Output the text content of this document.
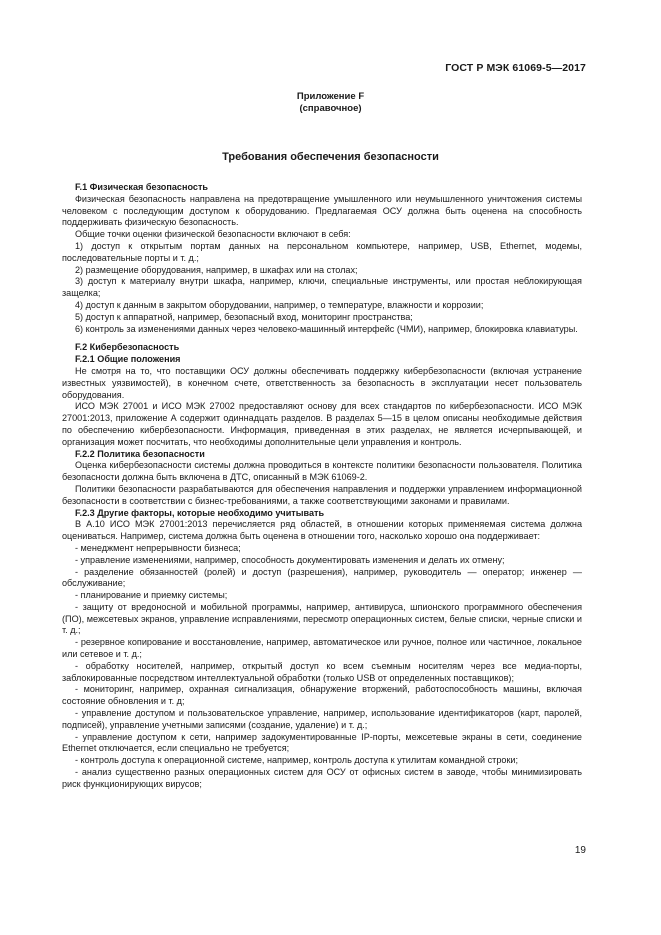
ГОСТ Р МЭК 61069-5—2017
Приложение F
(справочное)
Требования обеспечения безопасности

F.1 Физическая безопасность

Физическая безопасность направлена на предотвращение умышленного или неумышленного уничтожения системы человеком с последующим доступом к оборудованию. Предлагаемая ОСУ должна быть оценена на способность поддерживать физическую безопасность.

Общие точки оценки физической безопасности включают в себя:

1) доступ к открытым портам данных на персональном компьютере, например, USB, Ethernet, модемы, последовательные порты и т. д.;

2) размещение оборудования, например, в шкафах или на столах;

3) доступ к материалу внутри шкафа, например, ключи, специальные инструменты, или простая неблокирующая защелка;

4) доступ к данным в закрытом оборудовании, например, о температуре, влажности и коррозии;

5) доступ к аппаратной, например, безопасный вход, мониторинг пространства;

6) контроль за изменениями данных через человеко-машинный интерфейс (ЧМИ), например, блокировка клавиатуры.

F.2 Кибербезопасность

F.2.1 Общие положения

Не смотря на то, что поставщики ОСУ должны обеспечивать поддержку кибербезопасности (включая устранение известных уязвимостей), в конечном счете, ответственность за безопасность в эксплуатации несет пользователь оборудования.

ИСО МЭК 27001 и ИСО МЭК 27002 предоставляют основу для всех стандартов по кибербезопасности. ИСО МЭК 27001:2013, приложение А содержит одиннадцать разделов. В разделах 5—15 в целом описаны необходимые действия по обеспечению кибербезопасности. Информация, приведенная в этих разделах, не является исчерпывающей, и организация может посчитать, что необходимы дополнительные цели управления и контроль.

F.2.2 Политика безопасности

Оценка кибербезопасности системы должна проводиться в контексте политики безопасности пользователя. Политика безопасности должна быть включена в ДТС, описанный в МЭК 61069-2.

Политики безопасности разрабатываются для обеспечения направления и поддержки управлением информационной безопасности в соответствии с бизнес-требованиями, а также соответствующими законами и правилами.

F.2.3 Другие факторы, которые необходимо учитывать

В А.10 ИСО МЭК 27001:2013 перечисляется ряд областей, в отношении которых применяемая система должна оцениваться. Например, система должна быть оценена в отношении того, насколько хорошо она поддерживает:

- менеджмент непрерывности бизнеса;

- управление изменениями, например, способность документировать изменения и делать их отмену;

- разделение обязанностей (ролей) и доступ (разрешения), например, руководитель — оператор; инженер — обслуживание;

- планирование и приемку системы;

- защиту от вредоносной и мобильной программы, например, антивируса, шпионского программного обеспечения (ПО), межсетевых экранов, управление исправлениями, пересмотр операционных систем, белые списки, черные списки и т. д.;

- резервное копирование и восстановление, например, автоматическое или ручное, полное или частичное, локальное или сетевое и т. д.;

- обработку носителей, например, открытый доступ ко всем съемным носителям через все медиа-порты, заблокированные посредством интеллектуальной обработки (только USB от определенных поставщиков);

- мониторинг, например, охранная сигнализация, обнаружение вторжений, работоспособность машины, включая состояние обновления и т. д;

- управление доступом и пользовательское управление, например, использование идентификаторов (карт, паролей, подписей), управление учетными записями (создание, удаление) и т. д.;

- управление доступом к сети, например задокументированные IP-порты, межсетевые экраны в сети, соединение Ethernet отключается, если специально не требуется;

- контроль доступа к операционной системе, например, контроль доступа к утилитам командной строки;

- анализ существенно разных операционных систем для ОСУ от офисных систем в заводе, чтобы минимизировать риск функционирующих вирусов;

19
